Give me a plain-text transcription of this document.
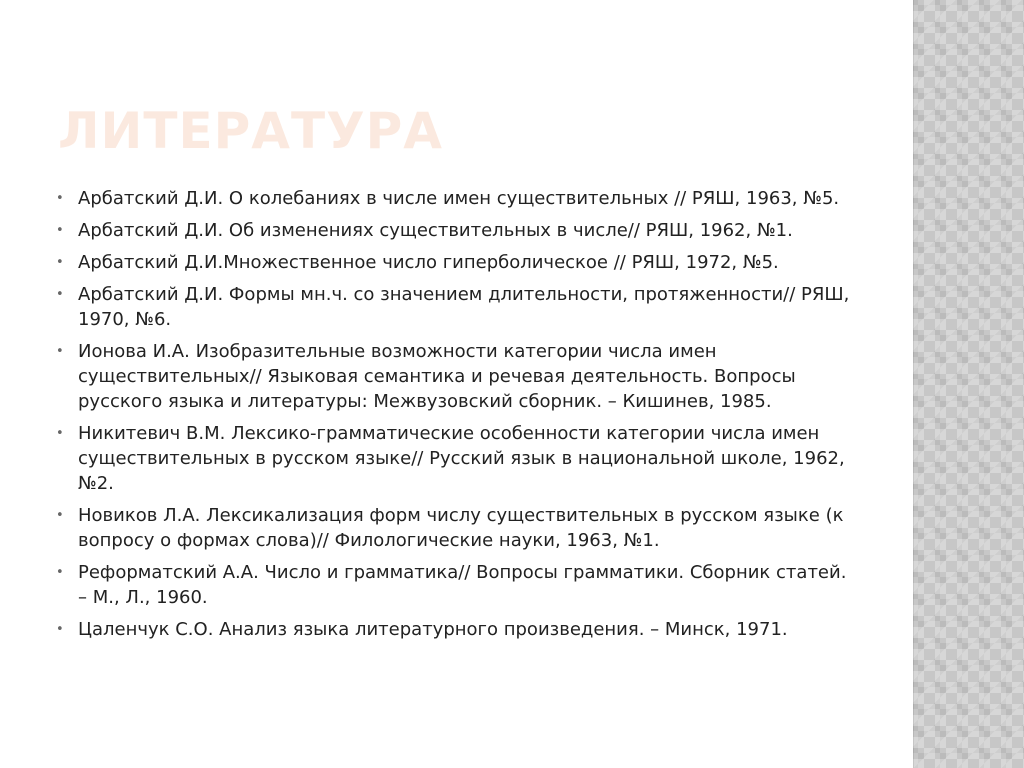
ЛИТЕРАТУРА
• Арбатский Д.И. О колебаниях в числе имен существительных // РЯШ, 1963, №5.
• Арбатский Д.И. Об изменениях существительных в числе// РЯШ, 1962, №1.
• Арбатский Д.И.Множественное число гиперболическое // РЯШ, 1972, №5.
• Арбатский Д.И. Формы мн.ч. со значением длительности, протяженности// РЯШ, 1970, №6.
• Ионова И.А. Изобразительные возможности категории числа имен существительных// Языковая семантика и речевая деятельность. Вопросы русского языка и литературы: Межвузовский сборник. – Кишинев, 1985.
• Никитевич В.М. Лексико-грамматические особенности категории числа имен существительных в русском языке// Русский язык в национальной школе, 1962, №2.
• Новиков Л.А. Лексикализация форм числу существительных в русском языке (к вопросу о формах слова)// Филологические науки, 1963, №1.
• Реформатский А.А. Число и грамматика// Вопросы грамматики. Сборник статей. – М., Л., 1960.
• Цаленчук С.О. Анализ языка литературного произведения. – Минск, 1971.
